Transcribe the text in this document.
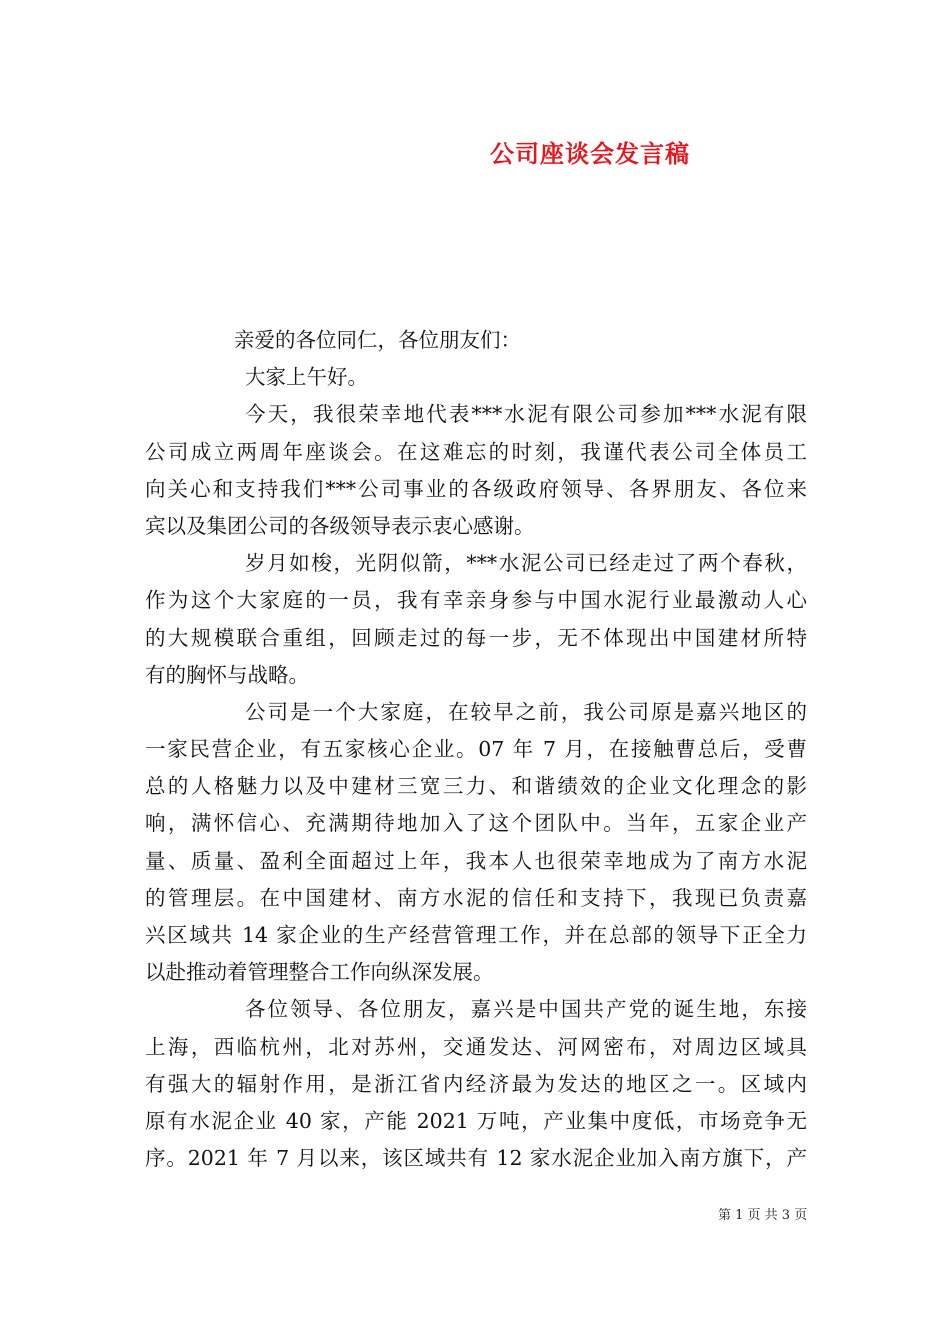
公司座谈会发言稿
亲爱的各位同仁，各位朋友们：
大家上午好。
今天，我很荣幸地代表***水泥有限公司参加***水泥有限
公司成立两周年座谈会。在这难忘的时刻，我谨代表公司全体员工
向关心和支持我们***公司事业的各级政府领导、各界朋友、各位来
宾以及集团公司的各级领导表示衷心感谢。
岁月如梭，光阴似箭，***水泥公司已经走过了两个春秋，
作为这个大家庭的一员，我有幸亲身参与中国水泥行业最激动人心
的大规模联合重组，回顾走过的每一步，无不体现出中国建材所特
有的胸怀与战略。
公司是一个大家庭，在较早之前，我公司原是嘉兴地区的
一家民营企业，有五家核心企业。07 年 7 月，在接触曹总后，受曹
总的人格魅力以及中建材三宽三力、和谐绩效的企业文化理念的影
响，满怀信心、充满期待地加入了这个团队中。当年，五家企业产
量、质量、盈利全面超过上年，我本人也很荣幸地成为了南方水泥
的管理层。在中国建材、南方水泥的信任和支持下，我现已负责嘉
兴区域共 14 家企业的生产经营管理工作，并在总部的领导下正全力
以赴推动着管理整合工作向纵深发展。
各位领导、各位朋友，嘉兴是中国共产党的诞生地，东接
上海，西临杭州，北对苏州，交通发达、河网密布，对周边区域具
有强大的辐射作用，是浙江省内经济最为发达的地区之一。区域内
原有水泥企业 40 家，产能 2021 万吨，产业集中度低，市场竞争无
序。2021 年 7 月以来，该区域共有 12 家水泥企业加入南方旗下，产
第 1 页 共 3 页
